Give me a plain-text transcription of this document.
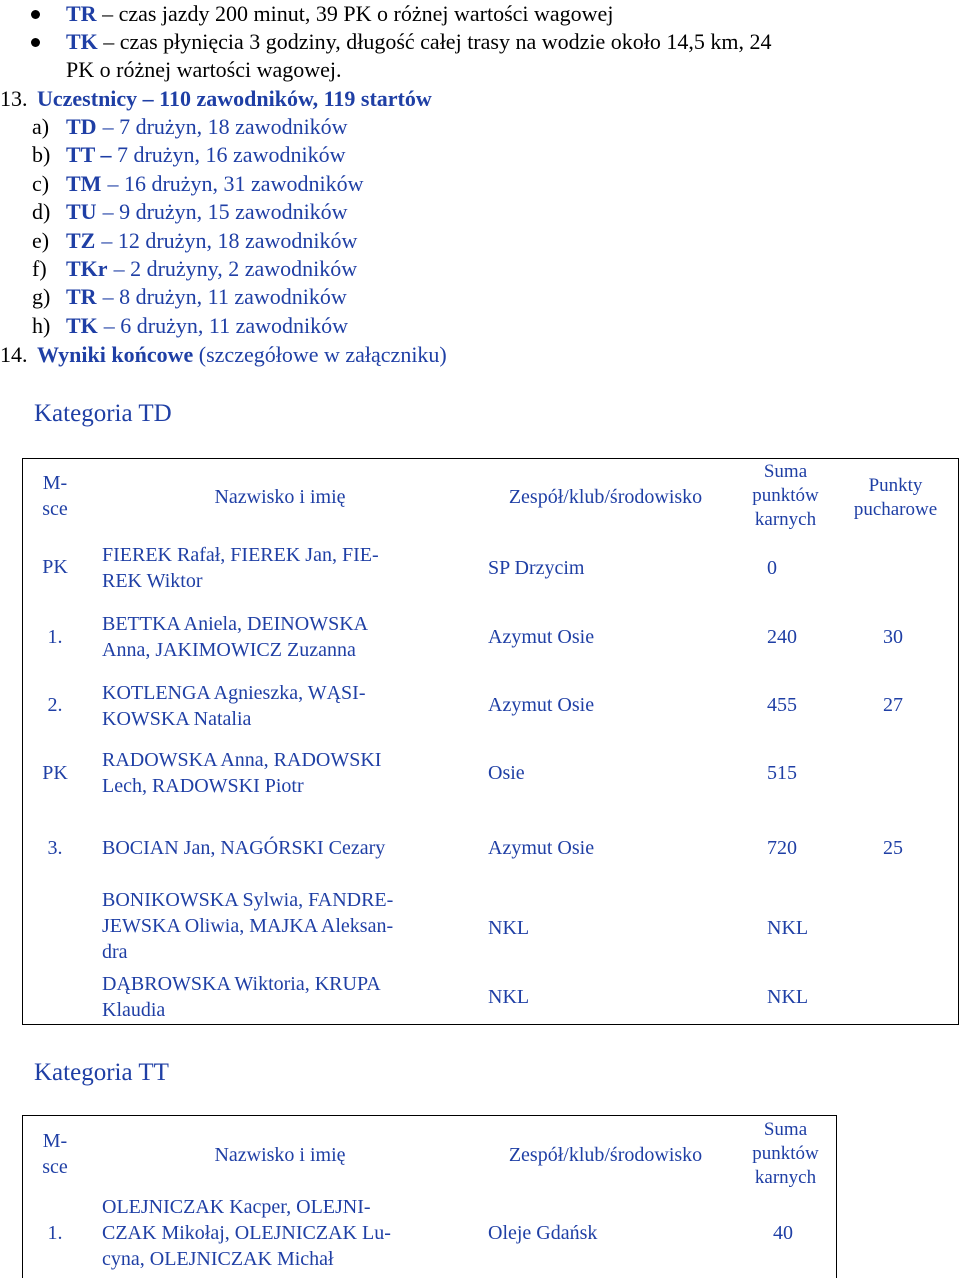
TR – czas jazdy 200 minut, 39 PK o różnej wartości wagowej
TK – czas płynięcia 3 godziny, długość całej trasy na wodzie około 14,5 km, 24
PK o różnej wartości wagowej.
13. Uczestnicy – 110 zawodników, 119 startów
a) TD – 7 drużyn, 18 zawodników
b) TT – 7 drużyn, 16 zawodników
c) TM – 16 drużyn, 31 zawodników
d) TU – 9 drużyn, 15 zawodników
e) TZ – 12 drużyn, 18 zawodników
f) TKr – 2 drużyny, 2 zawodników
g) TR – 8 drużyn, 11 zawodników
h) TK – 6 drużyn, 11 zawodników
14. Wyniki końcowe (szczegółowe w załączniku)
Kategoria TD
M-
sce
Nazwisko i imię	Zespół/klub/środowisko
Suma
punktów
karnych
Punkty
pucharowe
PK
FIEREK Rafał, FIEREK Jan, FIE-
REK Wiktor
SP Drzycim	0
1.
BETTKA Aniela, DEINOWSKA
Anna, JAKIMOWICZ Zuzanna
Azymut Osie	240	30
2.
KOTLENGA Agnieszka, WĄSI-
KOWSKA Natalia
Azymut Osie	455	27
PK
RADOWSKA Anna, RADOWSKI
Lech, RADOWSKI Piotr
Osie	515
3.	BOCIAN Jan, NAGÓRSKI Cezary	Azymut Osie	720	25
BONIKOWSKA Sylwia, FANDRE-
JEWSKA Oliwia, MAJKA Aleksan-
dra
NKL	NKL
DĄBROWSKA Wiktoria, KRUPA
Klaudia
NKL	NKL
Kategoria TT
M-
sce
Nazwisko i imię	Zespół/klub/środowisko
Suma
punktów
karnych
1.
OLEJNICZAK Kacper, OLEJNI-
CZAK Mikołaj, OLEJNICZAK Lu-
cyna, OLEJNICZAK Michał
Oleje Gdańsk	40
